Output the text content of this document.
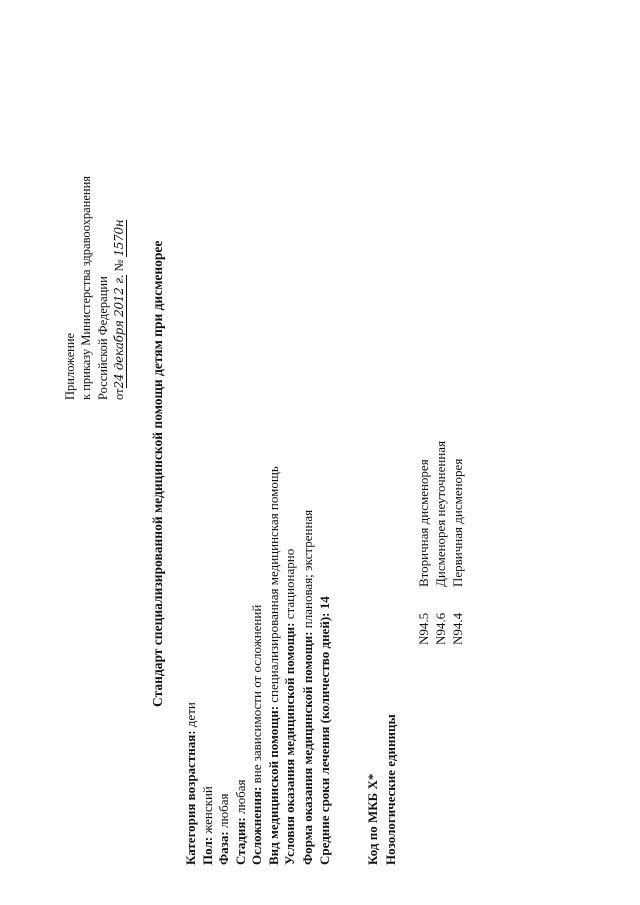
Приложение к приказу Министерства здравоохранения Российской Федерации от24 декабря 2012 г. № 1570н
Стандарт специализированной медицинской помощи детям при дисменорее
Категория возрастная: дети
Пол: женский
Фаза: любая
Стадия: любая Осложнения: вне зависимости от осложнений Вид медицинской помощи: специализированная медицинская помощь
Условия оказания медицинской помощи: стационарно
Форма оказания медицинской помощи: плановая; экстренная
Средние сроки лечения (количество дней): 14
Код по МКБ X* Нозологические единицы
N94.5
Вторичная дисменорея
N94.6
Дисменорея неуточненная
N94.4
Первичная дисменорея
